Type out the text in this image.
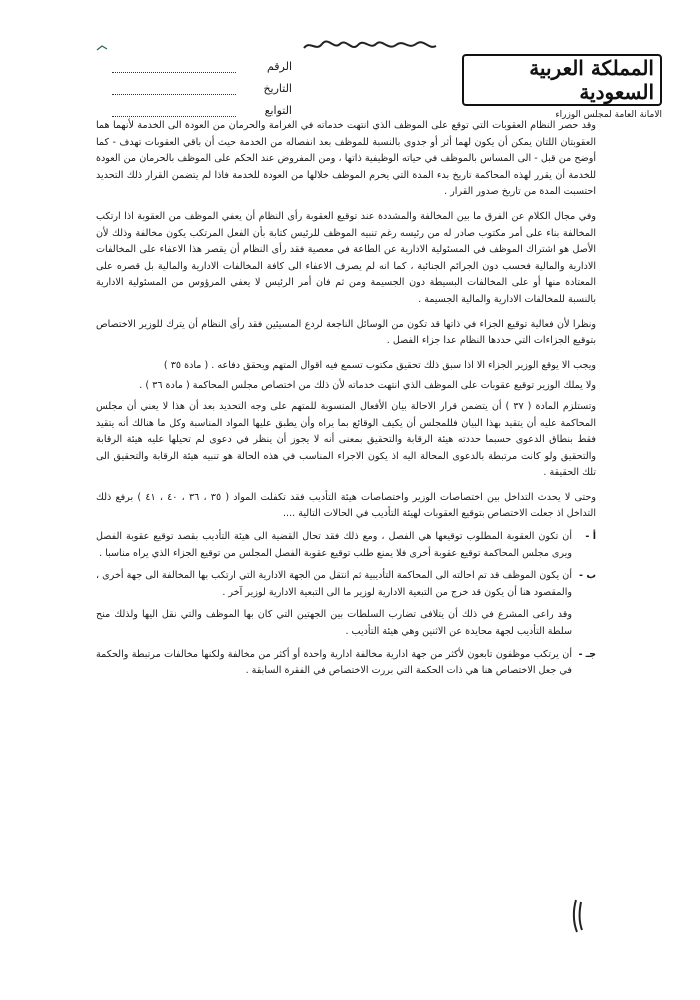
الرقم
التاريخ
التوابع
المملكة العربية السعودية
الامانة العامة لمجلس الوزراء

وقد حصر النظام العقوبات التي توقع على الموظف الذي انتهت خدماته في الغرامة والحرمان من العودة الى الخدمة لأنهما هما العقوبتان اللتان يمكن أن يكون لهما أثر أو جدوى بالنسبة للموظف بعد انفصاله من الخدمة حيث أن باقي العقوبات تهدف - كما أوضح من قبل - الى المساس بالموظف في حياته الوظيفية ذاتها ، ومن المفروض عند الحكم على الموظف بالحرمان من العودة للخدمة أن يقرر لهذه المحاكمة تاريخ بدء المدة التي يحرم الموظف خلالها من العودة للخدمة فاذا لم يتضمن القرار ذلك التحديد احتسبت المدة من تاريخ صدور القرار .

وفي مجال الكلام عن الفرق ما بين المخالفة والمشددة عند توقيع العقوبة رأى النظام أن يعفي الموظف من العقوبة اذا ارتكب المخالفة بناء على أمر مكتوب صادر له من رئيسه رغم تنبيه الموظف للرئيس كتابة بأن الفعل المرتكب يكون مخالفة وذلك لأن الأصل هو اشتراك الموظف في المسئولية الادارية عن الطاعة في معصية فقد رأى النظام أن يقصر هذا الاعفاء على المخالفات الادارية والمالية فحسب دون الجرائم الجنائية ، كما انه لم يصرف الاعفاء الى كافة المخالفات الادارية والمالية بل قصره على المعتادة منها أو على المخالفات البسيطة دون الجسيمة ومن ثم فان أمر الرئيس لا يعفي المرؤوس من المسئولية الادارية بالنسبة للمخالفات الادارية والمالية الجسيمة .

ونظرا لأن فعالية توقيع الجزاء في ذاتها قد تكون من الوسائل الناجعة لردع المسيئين فقد رأى النظام أن يترك للوزير الاختصاص بتوقيع الجزاءات التي حددها النظام عدا جزاء الفصل .

ويجب الا يوقع الوزير الجزاء الا اذا سبق ذلك تحقيق مكتوب تسمع فيه اقوال المتهم ويحقق دفاعه . ( مادة ٣٥ )

ولا يملك الوزير توقيع عقوبات على الموظف الذي انتهت خدماته لأن ذلك من اختصاص مجلس المحاكمة ( مادة ٣٦ ) .

وتستلزم المادة ( ٣٧ ) أن يتضمن قرار الاحالة بيان الأفعال المنسوبة للمتهم على وجه التحديد بعد أن هذا لا يعني أن مجلس المحاكمة عليه أن يتقيد بهذا البيان فللمجلس أن يكيف الوقائع بما يراه وأن يطبق عليها المواد المناسبة وكل ما هنالك أنه يتقيد فقط بنطاق الدعوى حسبما حددته هيئة الرقابة والتحقيق بمعنى أنه لا يجوز أن ينظر في دعوى لم تحيلها عليه هيئة الرقابة والتحقيق ولو كانت مرتبطة بالدعوى المحالة اليه اذ يكون الاجراء المناسب في هذه الحالة هو تنبيه هيئة الرقابة والتحقيق الى تلك الحقيقة .

وحتى لا يحدث التداخل بين اختصاصات الوزير واختصاصات هيئة التأديب فقد تكفلت المواد ( ٣٥ ، ٣٦ ، ٤٠ ، ٤١ ) برفع ذلك التداخل اذ جعلت الاختصاص بتوقيع العقوبات لهيئة التأديب في الحالات التالية ....

أ -
أن تكون العقوبة المطلوب توقيعها هي الفصل ، ومع ذلك فقد تحال القضية الى هيئة التأديب بقصد توقيع عقوبة الفصل ويرى مجلس المحاكمة توقيع عقوبة أخرى فلا يمنع طلب توقيع عقوبة الفصل المجلس من توقيع الجزاء الذي يراه مناسبا .
ب -
أن يكون الموظف قد تم احالته الى المحاكمة التأديبية ثم انتقل من الجهة الادارية التي ارتكب بها المخالفة الى جهة أخرى ، والمقصود هنا أن يكون قد خرج من التبعية الادارية لوزير ما الى التبعية الادارية لوزير آخر .
وقد راعى المشرع في ذلك أن يتلافى تضارب السلطات بين الجهتين التي كان بها الموظف والتي نقل اليها ولذلك منح سلطة التأديب لجهة محايدة عن الاثنين وهي هيئة التأديب .
جـ -
أن يرتكب موظفون تابعون لأكثر من جهة ادارية مخالفة ادارية واحدة أو أكثر من مخالفة ولكنها مخالفات مرتبطة والحكمة في جعل الاختصاص هنا هي ذات الحكمة التي بررت الاختصاص في الفقرة السابقة .
